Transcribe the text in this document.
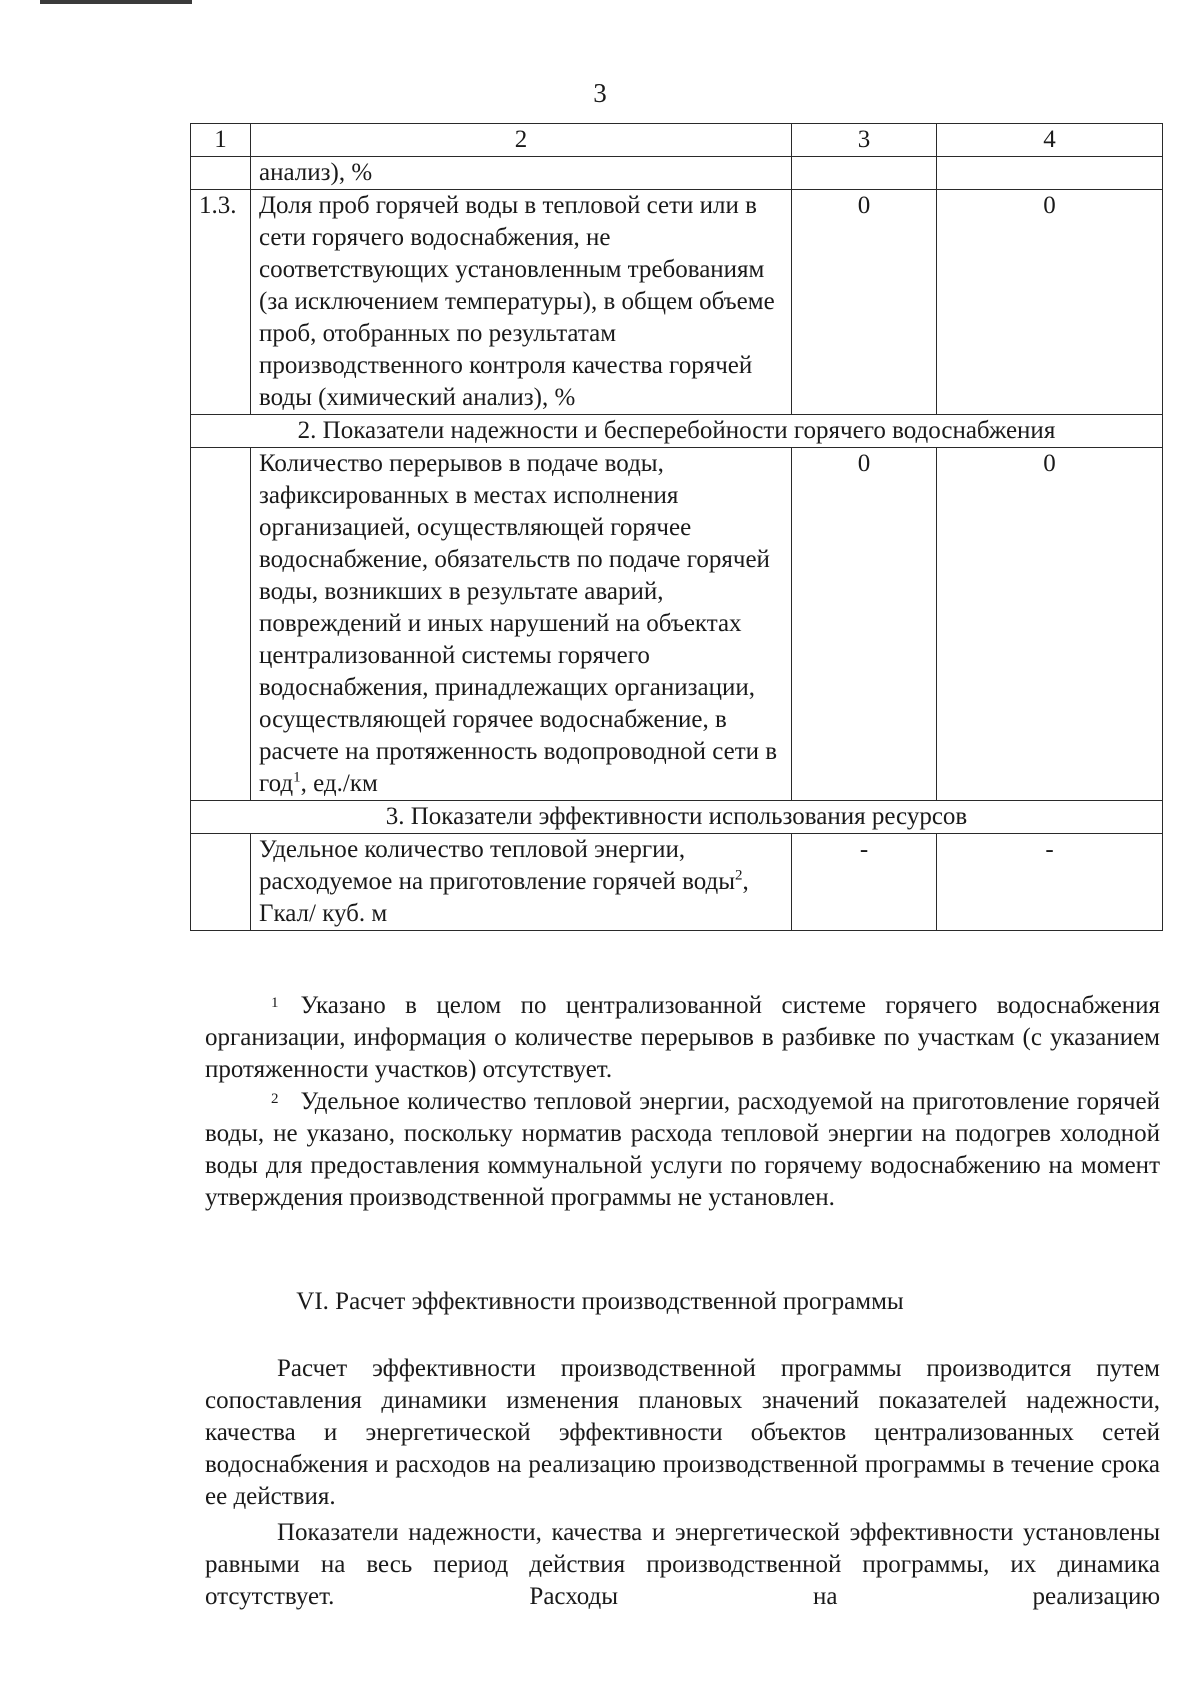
3
1	2	3	4
	анализ), %		
1.3.	Доля проб горячей воды в тепловой сети или в сети горячего водоснабжения, не соответствующих установленным требованиям (за исключением температуры), в общем объеме проб, отобранных по результатам производственного контроля качества горячей воды (химический анализ), %	0	0
2. Показатели надежности и бесперебойности горячего водоснабжения			
	Количество перерывов в подаче воды, зафиксированных в местах исполнения организацией, осуществляющей горячее водоснабжение, обязательств по подаче горячей воды, возникших в результате аварий, повреждений и иных нарушений на объектах централизованной системы горячего водоснабжения, принадлежащих организации, осуществляющей горячее водоснабжение, в расчете на протяженность водопроводной сети в год$^1$, ед./км	0	0
3. Показатели эффективности использования ресурсов			
	Удельное количество тепловой энергии, расходуемое на приготовление горячей воды$^2$, Гкал/ куб. м	-	-

$^1$ Указано в целом по централизованной системе горячего водоснабжения организации, информация о количестве перерывов в разбивке по участкам (с указанием протяженности участков) отсутствует.

$^2$ Удельное количество тепловой энергии, расходуемой на приготовление горячей воды, не указано, поскольку норматив расхода тепловой энергии на подогрев холодной воды для предоставления коммунальной услуги по горячему водоснабжению на момент утверждения производственной программы не установлен.

VI. Расчет эффективности производственной программы

Расчет эффективности производственной программы производится путем сопоставления динамики изменения плановых значений показателей надежности, качества и энергетической эффективности объектов централизованных сетей водоснабжения и расходов на реализацию производственной программы в течение срока ее действия.

Показатели надежности, качества и энергетической эффективности установлены равными на весь период действия производственной программы, их динамика отсутствует. Расходы на реализацию
